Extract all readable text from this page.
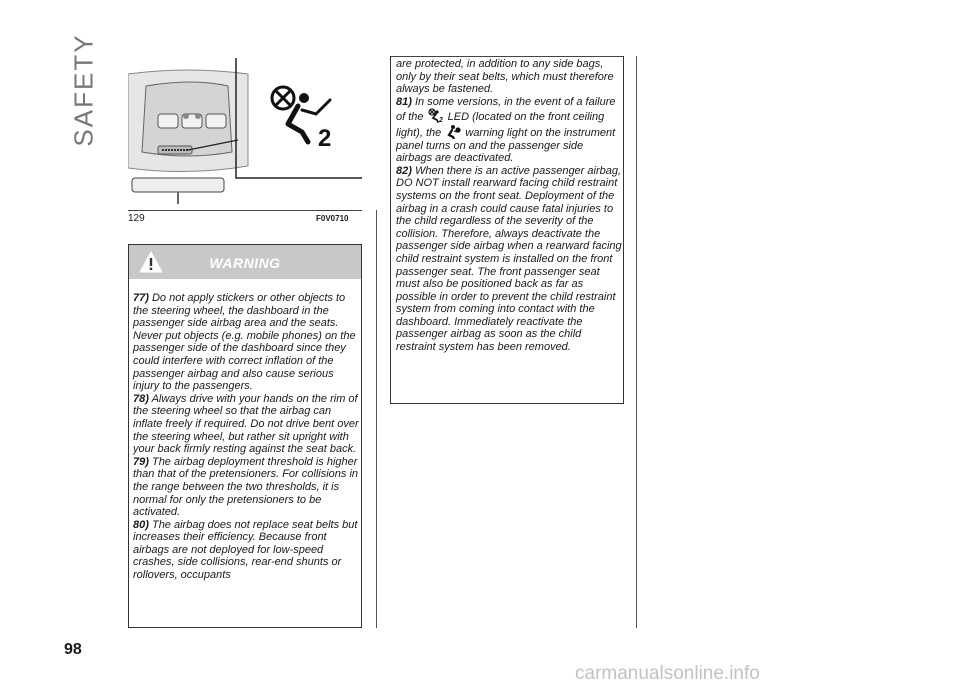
SAFETY	2
129	F0V0710
WARNING
77) Do not apply stickers or other objects to the steering wheel, the dashboard in the passenger side airbag area and the seats. Never put objects (e.g. mobile phones) on the passenger side of the dashboard since they could interfere with correct inflation of the passenger airbag and also cause serious injury to the passengers.
78) Always drive with your hands on the rim of the steering wheel so that the airbag can inflate freely if required. Do not drive bent over the steering wheel, but rather sit upright with your back firmly resting against the seat back.
79) The airbag deployment threshold is higher than that of the pretensioners. For collisions in the range between the two thresholds, it is normal for only the pretensioners to be activated.
80) The airbag does not replace seat belts but increases their efficiency. Because front airbags are not deployed for low-speed crashes, side collisions, rear-end shunts or rollovers, occupants
are protected, in addition to any side bags, only by their seat belts, which must therefore always be fastened.
81) In some versions, in the event of a failure of the 2 LED (located on the front ceiling light), the warning light on the instrument panel turns on and the passenger side airbags are deactivated.
82) When there is an active passenger airbag, DO NOT install rearward facing child restraint systems on the front seat. Deployment of the airbag in a crash could cause fatal injuries to the child regardless of the severity of the collision. Therefore, always deactivate the passenger side airbag when a rearward facing child restraint system is installed on the front passenger seat. The front passenger seat must also be positioned back as far as possible in order to prevent the child restraint system from coming into contact with the dashboard. Immediately reactivate the passenger airbag as soon as the child restraint system has been removed.
98
carmanualsonline.info
